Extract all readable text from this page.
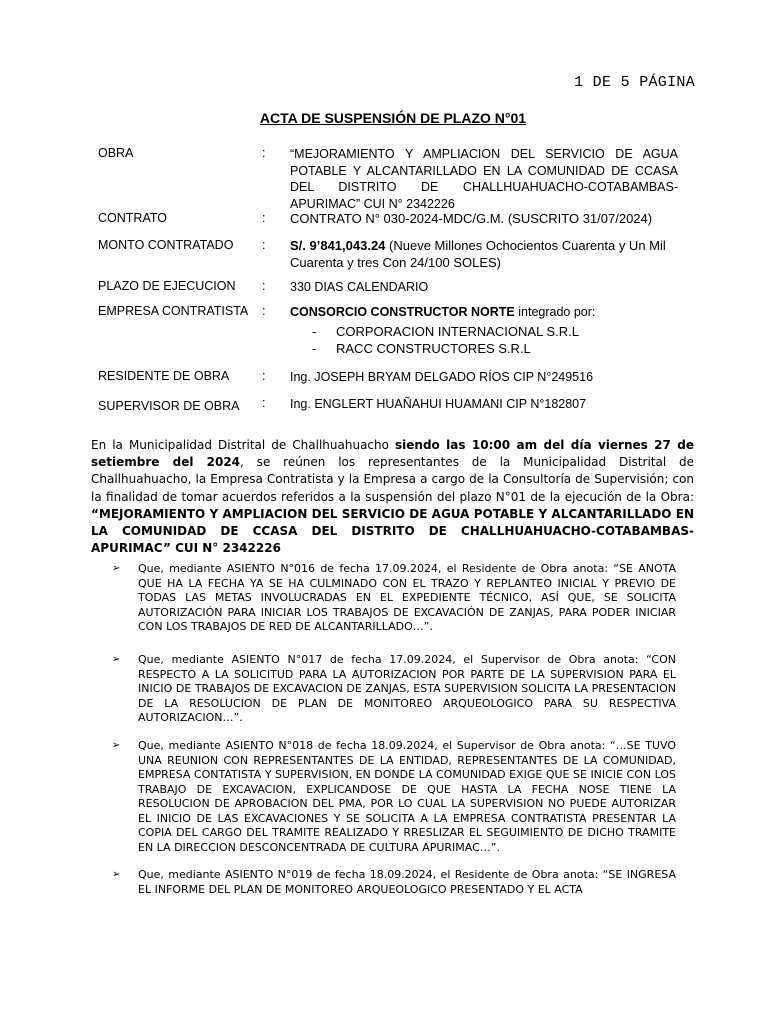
1 DE 5 PÁGINA
ACTA DE SUSPENSIÓN DE PLAZO N°01
OBRA	:	“MEJORAMIENTO Y AMPLIACION DEL SERVICIO DE AGUA POTABLE Y ALCANTARILLADO EN LA COMUNIDAD DE CCASA DEL DISTRITO DE CHALLHUAHUACHO-COTABAMBAS-APURIMAC” CUI N° 2342226
CONTRATO	:	CONTRATO N° 030-2024-MDC/G.M. (SUSCRITO 31/07/2024)
MONTO CONTRATADO	:	S/. 9’841,043.24 (Nueve Millones Ochocientos Cuarenta y Un Mil Cuarenta y tres Con 24/100 SOLES)
PLAZO DE EJECUCION	:	330 DIAS CALENDARIO
EMPRESA CONTRATISTA	:	CONSORCIO CONSTRUCTOR NORTE integrado por:
-	CORPORACION INTERNACIONAL S.R.L
-	RACC CONSTRUCTORES S.R.L
RESIDENTE DE OBRA	:	Ing. JOSEPH BRYAM DELGADO RÍOS CIP N°249516
SUPERVISOR DE OBRA	:	Ing. ENGLERT HUAÑAHUI HUAMANI CIP N°182807
En la Municipalidad Distrital de Challhuahuacho siendo las 10:00 am del día viernes 27 de setiembre del 2024, se reúnen los representantes de la Municipalidad Distrital de Challhuahuacho, la Empresa Contratista y la Empresa a cargo de la Consultoría de Supervisión; con la finalidad de tomar acuerdos referidos a la suspensión del plazo N°01 de la ejecución de la Obra: “MEJORAMIENTO Y AMPLIACION DEL SERVICIO DE AGUA POTABLE Y ALCANTARILLADO EN LA COMUNIDAD DE CCASA DEL DISTRITO DE CHALLHUAHUACHO-COTABAMBAS-APURIMAC” CUI N° 2342226
➢	Que, mediante ASIENTO N°016 de fecha 17.09.2024, el Residente de Obra anota: “SE ANOTA QUE HA LA FECHA YA SE HA CULMINADO CON EL TRAZO Y REPLANTEO INICIAL Y PREVIO DE TODAS LAS METAS INVOLUCRADAS EN EL EXPEDIENTE TÉCNICO, ASÍ QUE, SE SOLICITA AUTORIZACIÓN PARA INICIAR LOS TRABAJOS DE EXCAVACIÓN DE ZANJAS, PARA PODER INICIAR CON LOS TRABAJOS DE RED DE ALCANTARILLADO…”.
➢	Que, mediante ASIENTO N°017 de fecha 17.09.2024, el Supervisor de Obra anota: “CON RESPECTO A LA SOLICITUD PARA LA AUTORIZACION POR PARTE DE LA SUPERVISION PARA EL INICIO DE TRABAJOS DE EXCAVACION DE ZANJAS, ESTA SUPERVISION SOLICITA LA PRESENTACION DE LA RESOLUCION DE PLAN DE MONITOREO ARQUEOLOGICO PARA SU RESPECTIVA AUTORIZACION…”.
➢	Que, mediante ASIENTO N°018 de fecha 18.09.2024, el Supervisor de Obra anota: “…SE TUVO UNA REUNION CON REPRESENTANTES DE LA ENTIDAD, REPRESENTANTES DE LA COMUNIDAD, EMPRESA CONTATISTA Y SUPERVISION, EN DONDE LA COMUNIDAD EXIGE QUE SE INICIE CON LOS TRABAJO DE EXCAVACION, EXPLICANDOSE DE QUE HASTA LA FECHA NOSE TIENE LA RESOLUCION DE APROBACION DEL PMA, POR LO CUAL LA SUPERVISION NO PUEDE AUTORIZAR EL INICIO DE LAS EXCAVACIONES Y SE SOLICITA A LA EMPRESA CONTRATISTA PRESENTAR LA COPIA DEL CARGO DEL TRAMITE REALIZADO Y RRESLIZAR EL SEGUIMIENTO DE DICHO TRAMITE EN LA DIRECCION DESCONCENTRADA DE CULTURA APURIMAC…”.
➢	Que, mediante ASIENTO N°019 de fecha 18.09.2024, el Residente de Obra anota: “SE INGRESA EL INFORME DEL PLAN DE MONITOREO ARQUEOLOGICO PRESENTADO Y EL ACTA
